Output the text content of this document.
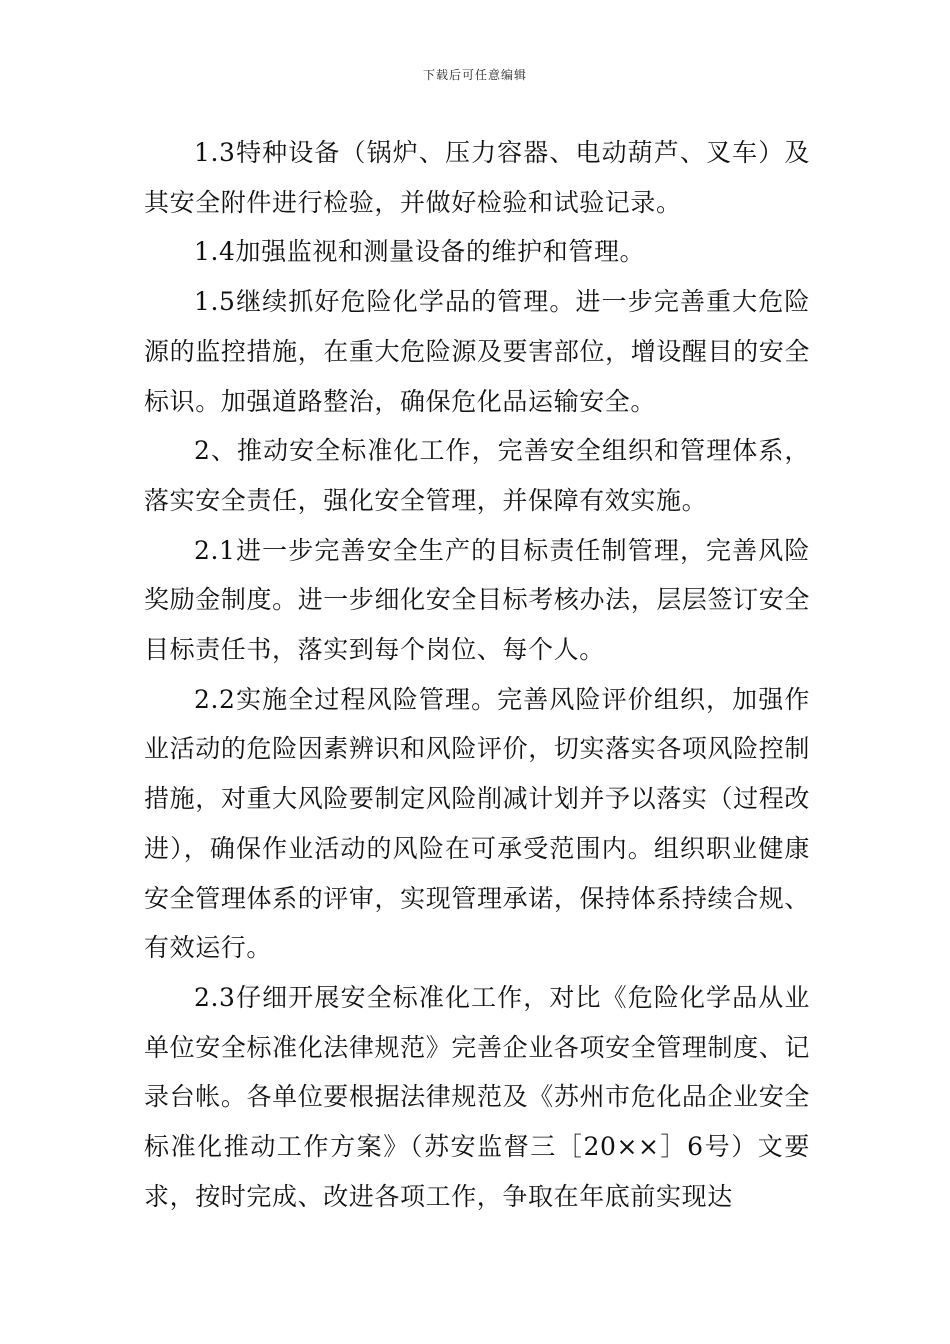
下载后可任意编辑

1.3特种设备（锅炉、压力容器、电动葫芦、叉车）及其安全附件进行检验，并做好检验和试验记录。

1.4加强监视和测量设备的维护和管理。

1.5继续抓好危险化学品的管理。进一步完善重大危险源的监控措施，在重大危险源及要害部位，增设醒目的安全标识。加强道路整治，确保危化品运输安全。

2、推动安全标准化工作，完善安全组织和管理体系，落实安全责任，强化安全管理，并保障有效实施。

2.1进一步完善安全生产的目标责任制管理，完善风险奖励金制度。进一步细化安全目标考核办法，层层签订安全目标责任书，落实到每个岗位、每个人。

2.2实施全过程风险管理。完善风险评价组织，加强作业活动的危险因素辨识和风险评价，切实落实各项风险控制措施，对重大风险要制定风险削减计划并予以落实（过程改进），确保作业活动的风险在可承受范围内。组织职业健康安全管理体系的评审，实现管理承诺，保持体系持续合规、有效运行。

2.3仔细开展安全标准化工作，对比《危险化学品从业单位安全标准化法律规范》完善企业各项安全管理制度、记录台帐。各单位要根据法律规范及《苏州市危化品企业安全标准化推动工作方案》（苏安监督三［20××］6号）文要求，按时完成、改进各项工作，争取在年底前实现达
